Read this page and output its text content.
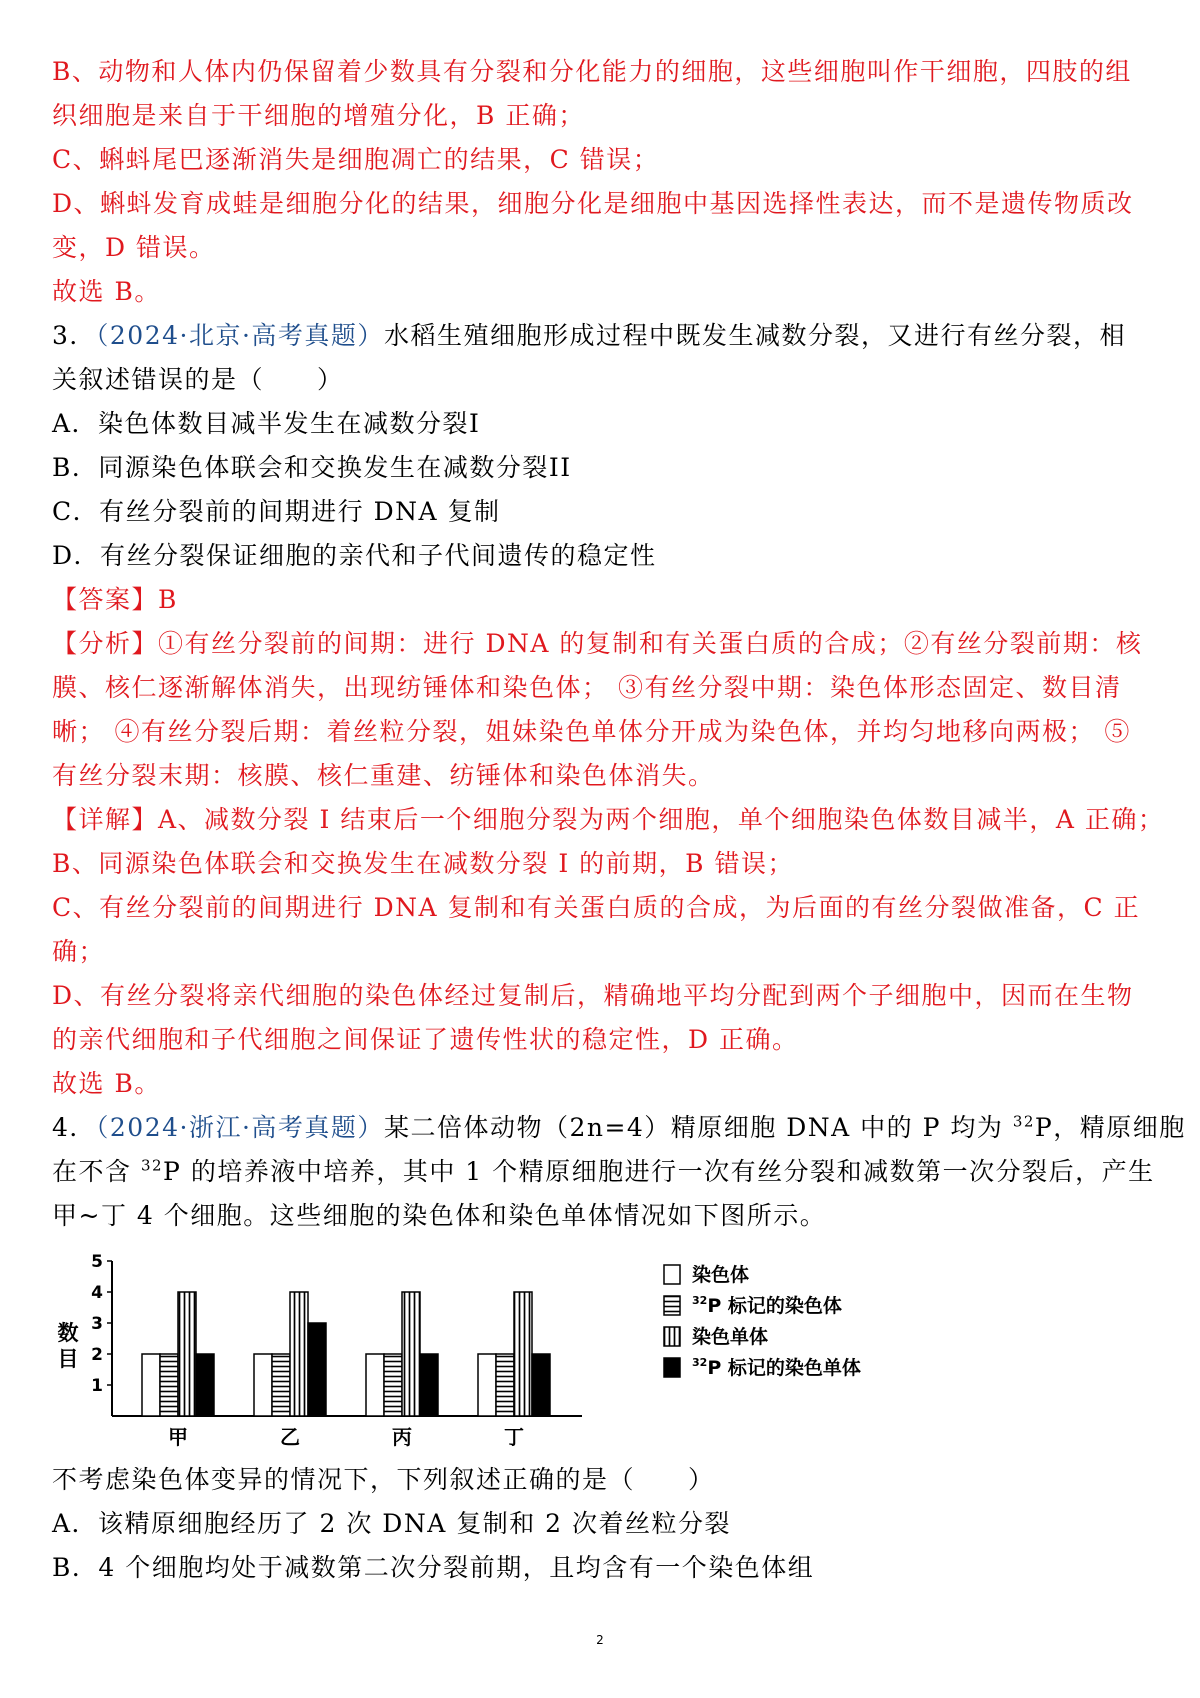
B、动物和人体内仍保留着少数具有分裂和分化能力的细胞，这些细胞叫作干细胞，四肢的组
织细胞是来自于干细胞的增殖分化，B 正确；
C、蝌蚪尾巴逐渐消失是细胞凋亡的结果，C 错误；
D、蝌蚪发育成蛙是细胞分化的结果，细胞分化是细胞中基因选择性表达，而不是遗传物质改
变，D 错误。
故选 B。
3．（2024·北京·高考真题）水稻生殖细胞形成过程中既发生减数分裂，又进行有丝分裂，相
关叙述错误的是（　　）
A．染色体数目减半发生在减数分裂I
B．同源染色体联会和交换发生在减数分裂II
C．有丝分裂前的间期进行 DNA 复制
D．有丝分裂保证细胞的亲代和子代间遗传的稳定性
【答案】B
【分析】①有丝分裂前的间期：进行 DNA 的复制和有关蛋白质的合成；②有丝分裂前期：核
膜、核仁逐渐解体消失，出现纺锤体和染色体； ③有丝分裂中期：染色体形态固定、数目清
晰； ④有丝分裂后期：着丝粒分裂，姐妹染色单体分开成为染色体，并均匀地移向两极； ⑤
有丝分裂末期：核膜、核仁重建、纺锤体和染色体消失。
【详解】A、减数分裂 I 结束后一个细胞分裂为两个细胞，单个细胞染色体数目减半，A 正确；
B、同源染色体联会和交换发生在减数分裂 I 的前期，B 错误；
C、有丝分裂前的间期进行 DNA 复制和有关蛋白质的合成，为后面的有丝分裂做准备，C 正
确；
D、有丝分裂将亲代细胞的染色体经过复制后，精确地平均分配到两个子细胞中，因而在生物
的亲代细胞和子代细胞之间保证了遗传性状的稳定性，D 正确。
故选 B。
4．（2024·浙江·高考真题）某二倍体动物（2n=4）精原细胞 DNA 中的 P 均为 $^{32}$P，精原细胞
在不含 $^{32}$P 的培养液中培养，其中 1 个精原细胞进行一次有丝分裂和减数第一次分裂后，产生
甲~丁 4 个细胞。这些细胞的染色体和染色单体情况如下图所示。
1
2
3
4
5
数
目
甲	乙	丙	丁
染色体
$^{32}$P 标记的染色体
染色单体
$^{32}$P 标记的染色单体
不考虑染色体变异的情况下，下列叙述正确的是（　　）
A．该精原细胞经历了 2 次 DNA 复制和 2 次着丝粒分裂
B．4 个细胞均处于减数第二次分裂前期，且均含有一个染色体组
2
